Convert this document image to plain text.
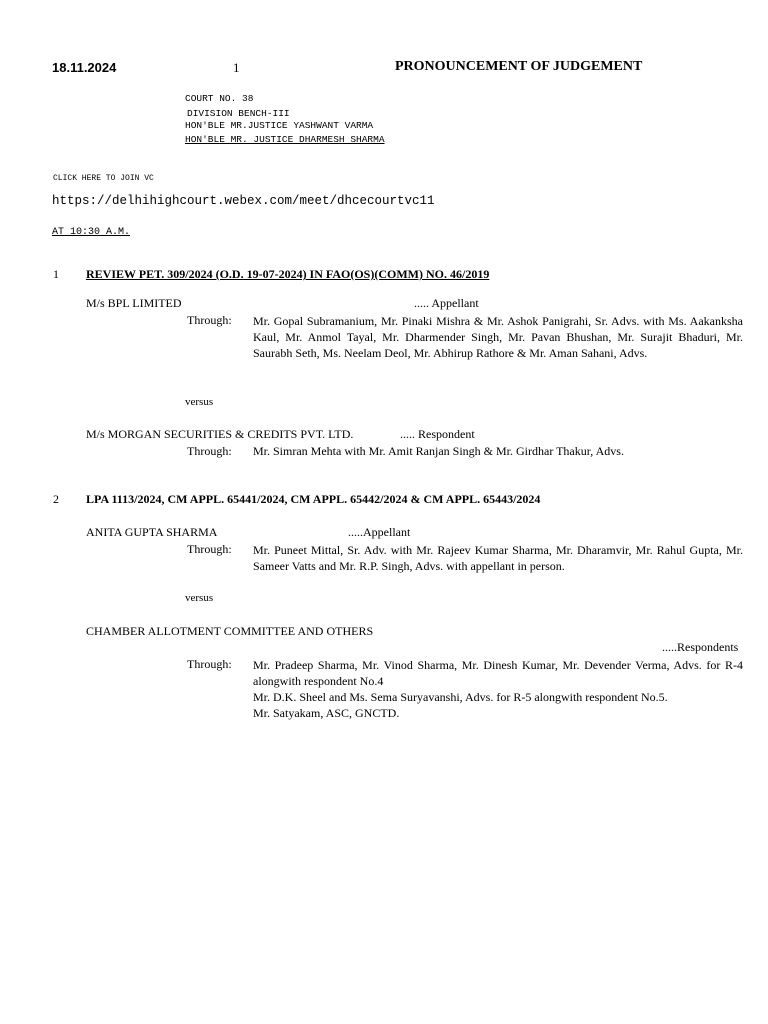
18.11.2024	1	PRONOUNCEMENT OF JUDGEMENT
COURT NO. 38
DIVISION BENCH-III
HON'BLE MR.JUSTICE YASHWANT VARMA
HON'BLE MR. JUSTICE DHARMESH SHARMA
CLICK HERE TO JOIN VC
https://delhihighcourt.webex.com/meet/dhcecourtvc11
AT 10:30 A.M.
1 REVIEW PET. 309/2024 (O.D. 19-07-2024) IN FAO(OS)(COMM) NO. 46/2019
M/s BPL LIMITED	..... Appellant
Through: Mr. Gopal Subramanium, Mr. Pinaki Mishra & Mr. Ashok Panigrahi, Sr. Advs. with Ms. Aakanksha Kaul, Mr. Anmol Tayal, Mr. Dharmender Singh, Mr. Pavan Bhushan, Mr. Surajit Bhaduri, Mr. Saurabh Seth, Ms. Neelam Deol, Mr. Abhirup Rathore & Mr. Aman Sahani, Advs.
versus
M/s MORGAN SECURITIES & CREDITS PVT. LTD.	..... Respondent
Through: Mr. Simran Mehta with Mr. Amit Ranjan Singh & Mr. Girdhar Thakur, Advs.
2 LPA 1113/2024, CM APPL. 65441/2024, CM APPL. 65442/2024 & CM APPL. 65443/2024
ANITA GUPTA SHARMA	.....Appellant
Through: Mr. Puneet Mittal, Sr. Adv. with Mr. Rajeev Kumar Sharma, Mr. Dharamvir, Mr. Rahul Gupta, Mr. Sameer Vatts and Mr. R.P. Singh, Advs. with appellant in person.
versus
CHAMBER ALLOTMENT COMMITTEE AND OTHERS
.....Respondents
Through: Mr. Pradeep Sharma, Mr. Vinod Sharma, Mr. Dinesh Kumar, Mr. Devender Verma, Advs. for R-4 alongwith respondent No.4
Mr. D.K. Sheel and Ms. Sema Suryavanshi, Advs. for R-5 alongwith respondent No.5.
Mr. Satyakam, ASC, GNCTD.
